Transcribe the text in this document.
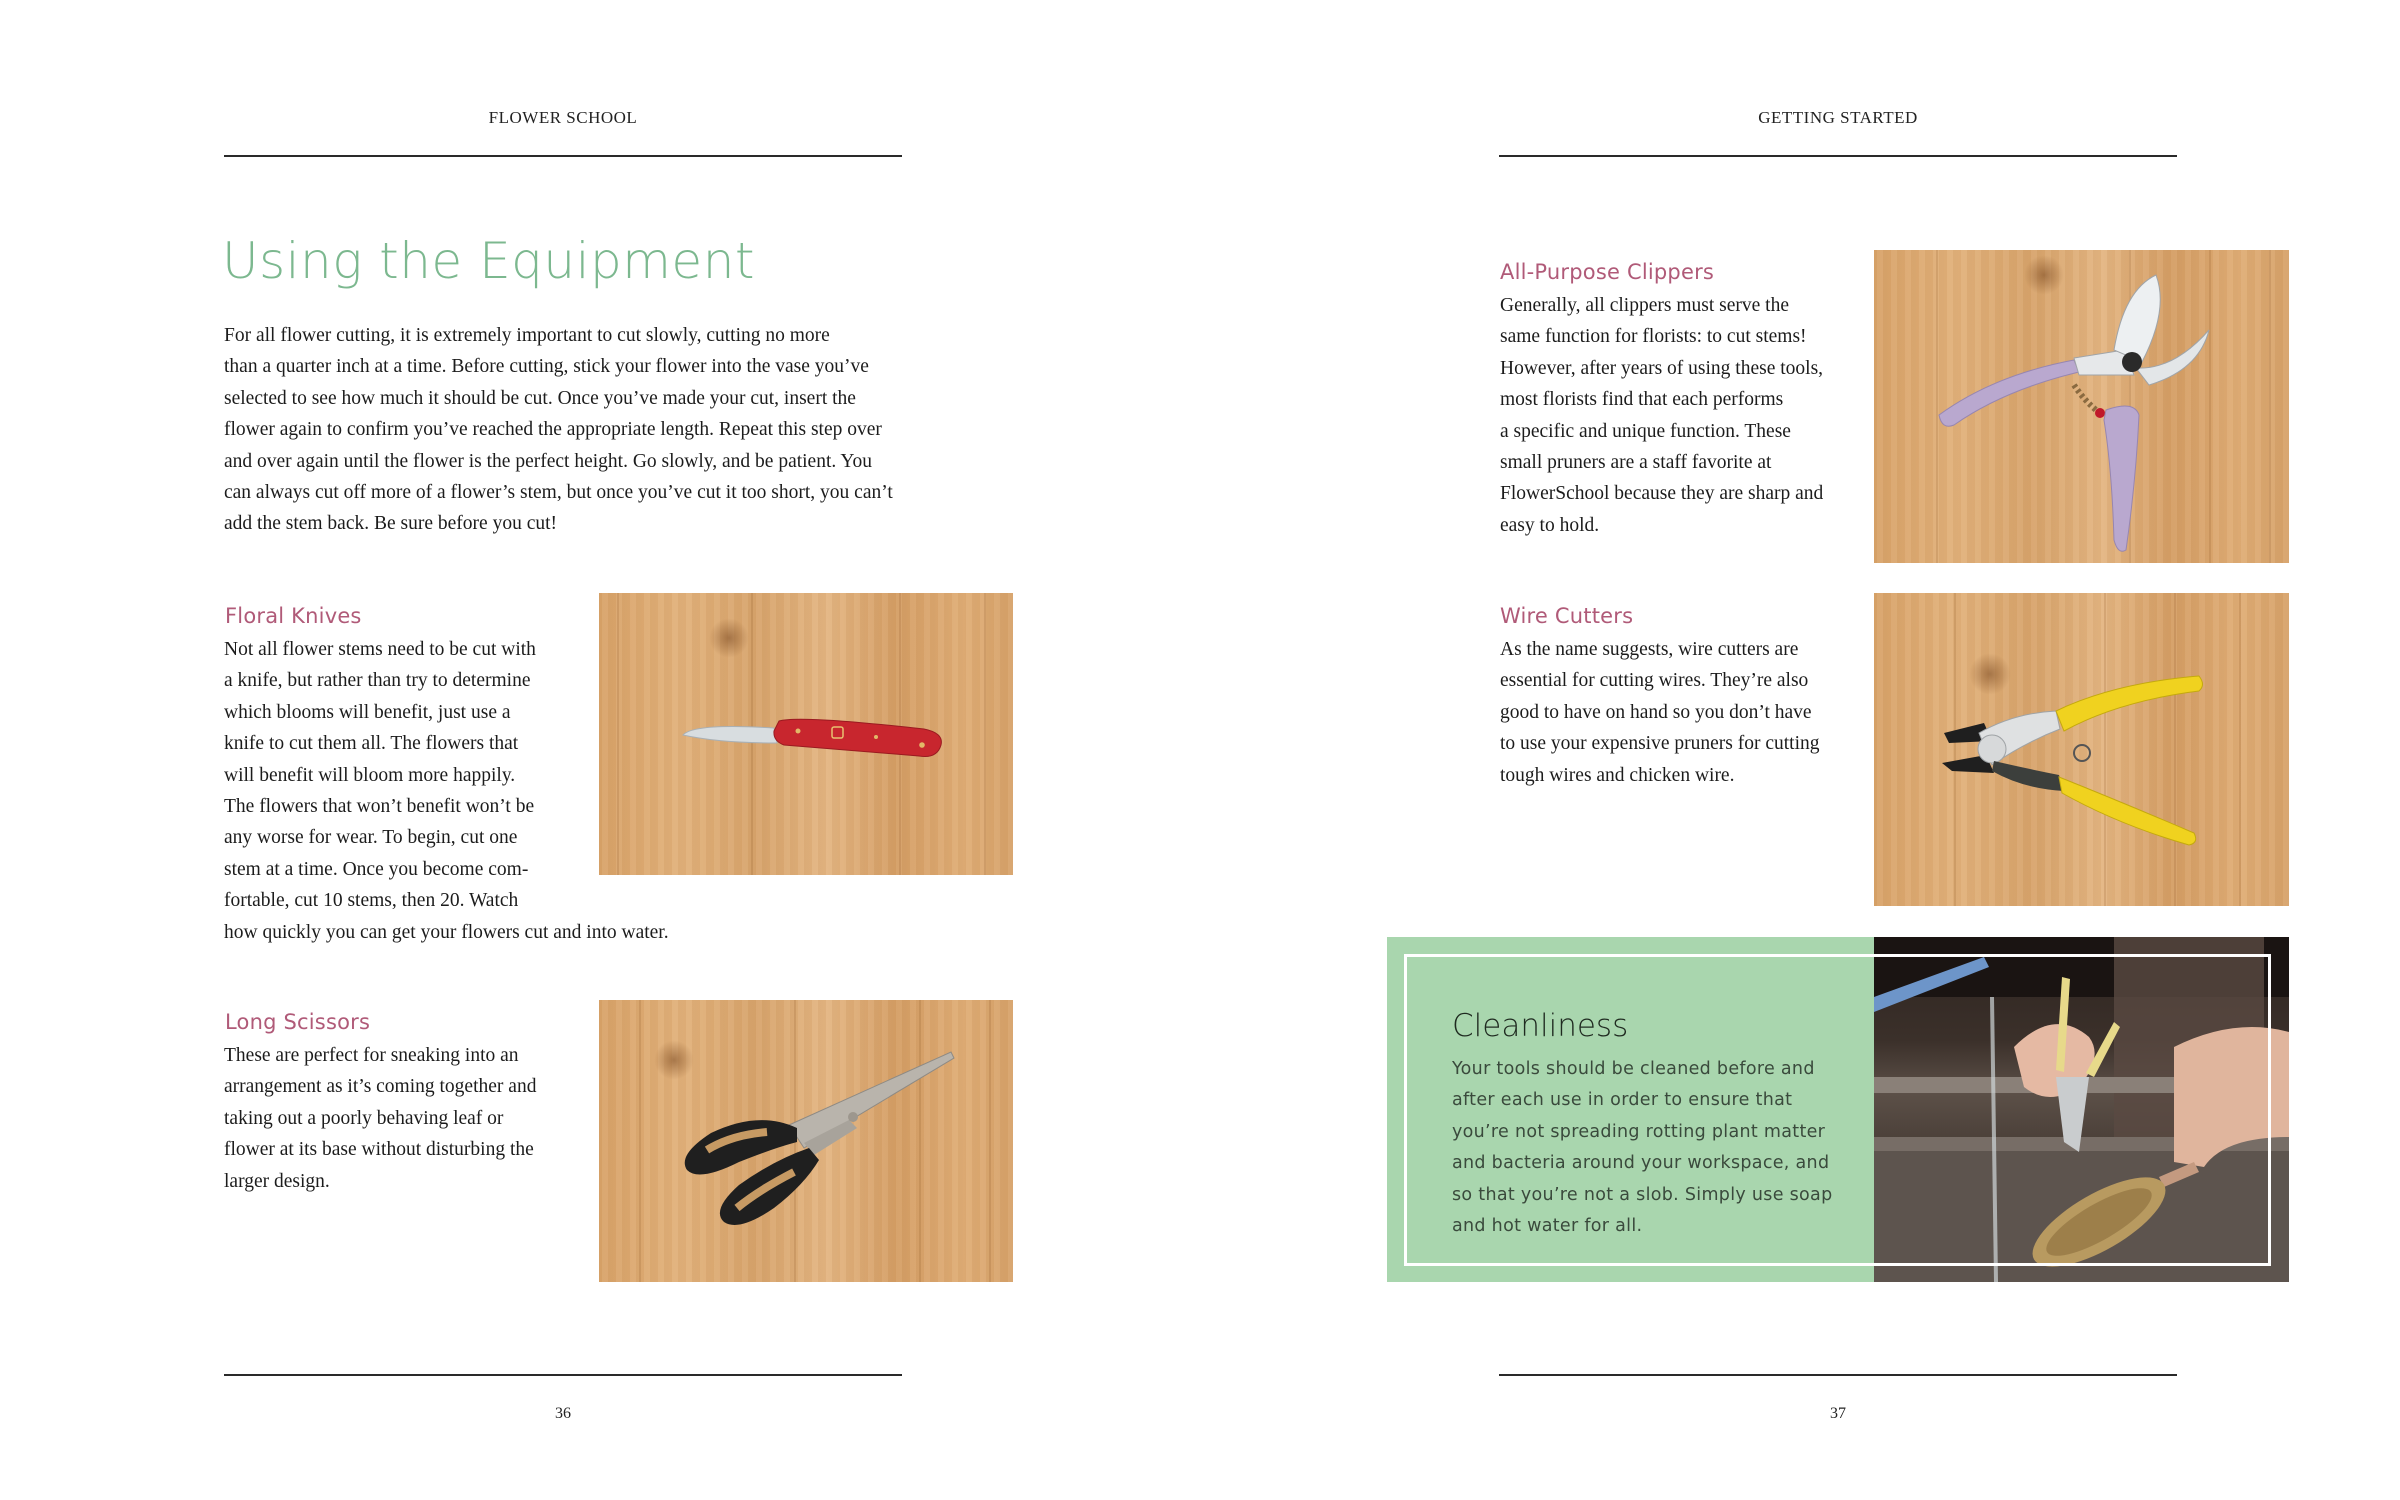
FLOWER SCHOOL
Using the Equipment
For all flower cutting, it is extremely important to cut slowly, cutting no more
than a quarter inch at a time. Before cutting, stick your flower into the vase you’ve
selected to see how much it should be cut. Once you’ve made your cut, insert the
flower again to confirm you’ve reached the appropriate length. Repeat this step over
and over again until the flower is the perfect height. Go slowly, and be patient. You
can always cut off more of a flower’s stem, but once you’ve cut it too short, you can’t
add the stem back. Be sure before you cut!
Floral Knives
Not all flower stems need to be cut with
a knife, but rather than try to determine
which blooms will benefit, just use a
knife to cut them all. The flowers that
will benefit will bloom more happily.
The flowers that won’t benefit won’t be
any worse for wear. To begin, cut one
stem at a time. Once you become com-
fortable, cut 10 stems, then 20. Watch
how quickly you can get your flowers cut and into water.
Long Scissors
These are perfect for sneaking into an
arrangement as it’s coming together and
taking out a poorly behaving leaf or
flower at its base without disturbing the
larger design.
36
GETTING STARTED
All-Purpose Clippers
Generally, all clippers must serve the
same function for florists: to cut stems!
However, after years of using these tools,
most florists find that each performs
a specific and unique function. These
small pruners are a staff favorite at
FlowerSchool because they are sharp and
easy to hold.
Wire Cutters
As the name suggests, wire cutters are
essential for cutting wires. They’re also
good to have on hand so you don’t have
to use your expensive pruners for cutting
tough wires and chicken wire.
Cleanliness
Your tools should be cleaned before and
after each use in order to ensure that
you’re not spreading rotting plant matter
and bacteria around your workspace, and
so that you’re not a slob. Simply use soap
and hot water for all.
37
